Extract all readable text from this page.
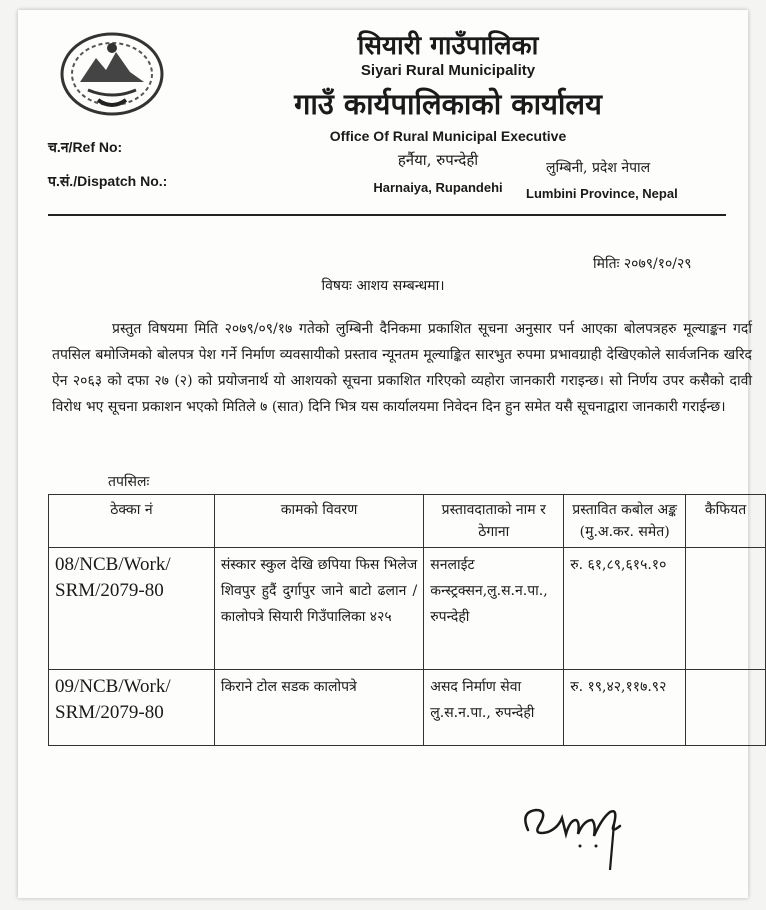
सियारी गाउँपालिका
Siyari Rural Municipality
गाउँ कार्यपालिकाको कार्यालय
Office Of Rural Municipal Executive
हर्नैया, रुपन्देही
Harnaiya, Rupandehi
च.न/Ref No:
प.सं./Dispatch No.:
लुम्बिनी, प्रदेश नेपाल
Lumbini Province, Nepal
मितिः २०७९/१०/२९
विषयः आशय सम्बन्धमा।
प्रस्तुत विषयमा मिति २०७९/०९/१७ गतेको लुम्बिनी दैनिकमा प्रकाशित सूचना अनुसार पर्न आएका बोलपत्रहरु मूल्याङ्कन गर्दा तपसिल बमोजिमको बोलपत्र पेश गर्ने निर्माण व्यवसायीको प्रस्ताव न्यूनतम मूल्याङ्कित सारभुत रुपमा प्रभावग्राही देखिएकोले सार्वजनिक खरिद ऐन २०६३ को दफा २७ (२) को प्रयोजनार्थ यो आशयको सूचना प्रकाशित गरिएको व्यहोरा जानकारी गराइन्छ। सो निर्णय उपर कसैको दावी विरोध भए सूचना प्रकाशन भएको मितिले ७ (सात) दिनि भित्र यस कार्यालयमा निवेदन दिन हुन समेत यसै सूचनाद्वारा जानकारी गराईन्छ।
तपसिलः
ठेक्का नं	कामको विवरण	प्रस्तावदाताको नाम र ठेगाना	प्रस्तावित कबोल अङ्क (मु.अ.कर. समेत)	कैफियत
08/NCB/Work/ SRM/2079-80	संस्कार स्कुल देखि छपिया फिस भिलेज शिवपुर हुदैं दुर्गापुर जाने बाटो ढलान / कालोपत्रे सियारी गिउँपालिका ४२५	सनलाईट कन्स्ट्रक्सन,लु.स.न.पा., रुपन्देही	रु. ६१,८९,६१५.१०	
09/NCB/Work/ SRM/2079-80	किराने टोल सडक कालोपत्रे	असद निर्माण सेवा लु.स.न.पा., रुपन्देही	रु. १९,४२,११७.९२	
